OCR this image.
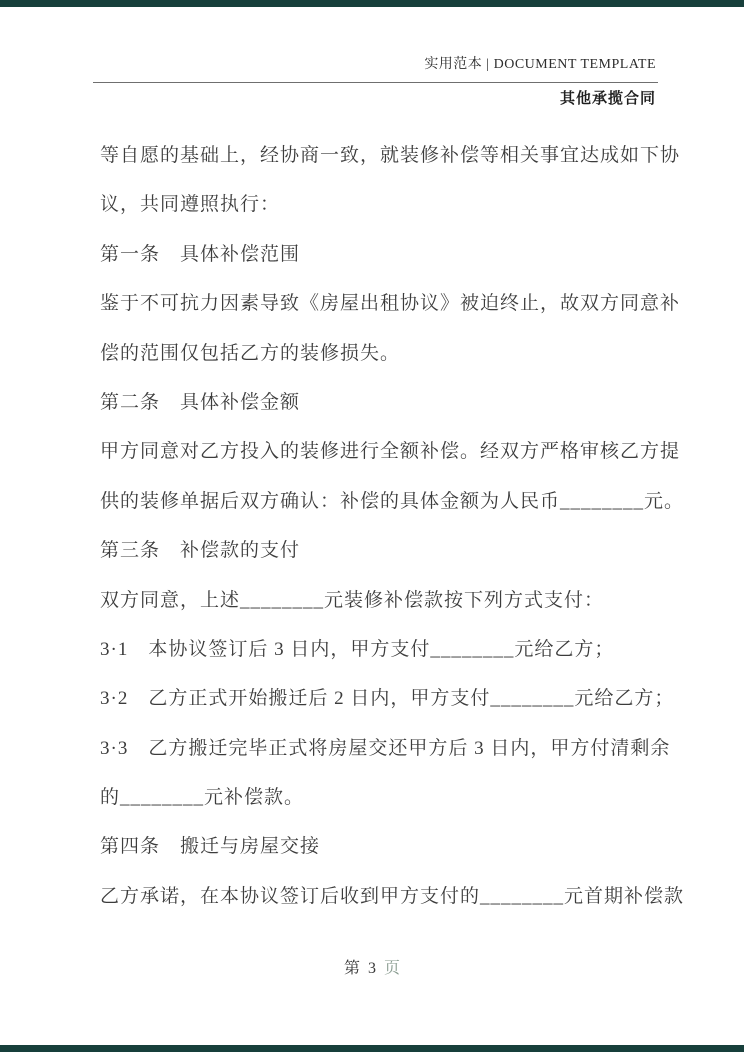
实用范本 | DOCUMENT TEMPLATE
其他承揽合同
等自愿的基础上，经协商一致，就装修补偿等相关事宜达成如下协
议，共同遵照执行：
第一条　具体补偿范围
鉴于不可抗力因素导致《房屋出租协议》被迫终止，故双方同意补
偿的范围仅包括乙方的装修损失。
第二条　具体补偿金额
甲方同意对乙方投入的装修进行全额补偿。经双方严格审核乙方提
供的装修单据后双方确认：补偿的具体金额为人民币________元。
第三条　补偿款的支付
双方同意，上述________元装修补偿款按下列方式支付：
3·1　本协议签订后 3 日内，甲方支付________元给乙方；
3·2　乙方正式开始搬迁后 2 日内，甲方支付________元给乙方；
3·3　乙方搬迁完毕正式将房屋交还甲方后 3 日内，甲方付清剩余
的________元补偿款。
第四条　搬迁与房屋交接
乙方承诺，在本协议签订后收到甲方支付的________元首期补偿款
第 3 页
